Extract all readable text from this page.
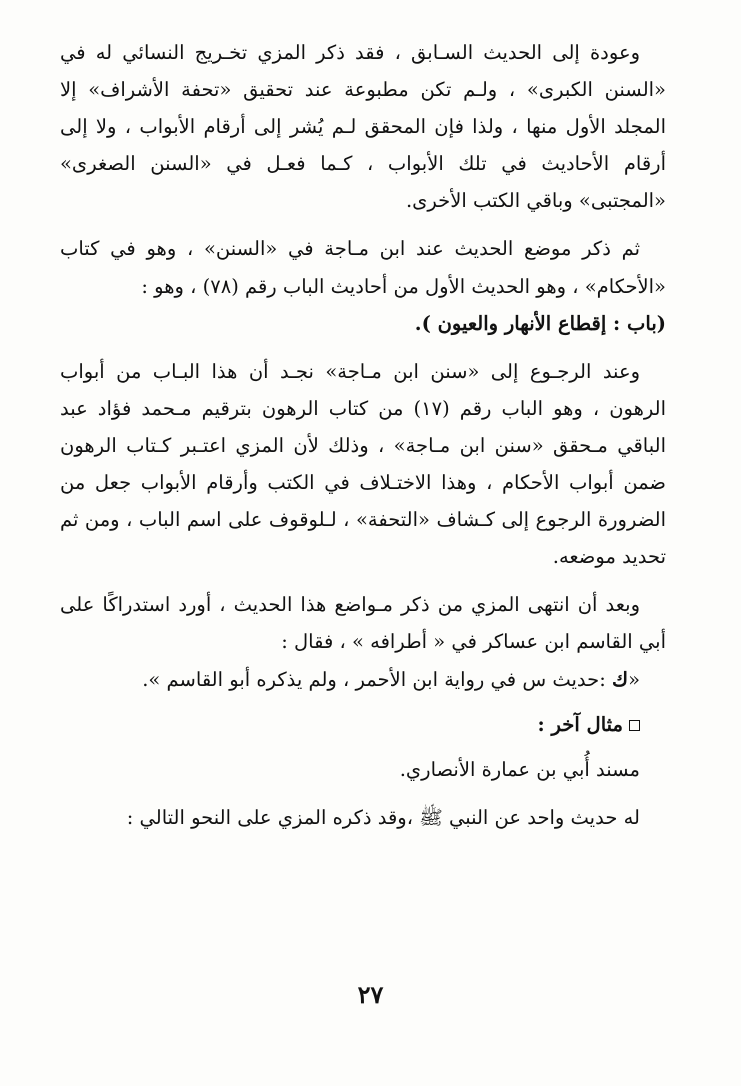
وعودة إلى الحديث السـابق ، فقد ذكر المزي تخـريج النسائي له في «السنن الكبرى» ، ولـم تكن مطبوعة عند تحقيق «تحفة الأشراف» إلا المجلد الأول منها ، ولذا فإن المحقق لـم يُشر إلى أرقام الأبواب ، ولا إلى أرقام الأحاديث في تلك الأبواب ، كـما فعـل في «السنن الصغرى» «المجتبى» وباقي الكتب الأخرى.

ثم ذكر موضع الحديث عند ابن مـاجة في «السنن» ، وهو في كتاب «الأحكام» ، وهو الحديث الأول من أحاديث الباب رقم (٧٨) ، وهو :

(باب : إقطاع الأنهار والعيون ).

وعند الرجـوع إلى «سنن ابن مـاجة» نجـد أن هذا البـاب من أبواب الرهون ، وهو الباب رقم (١٧) من كتاب الرهون بترقيم مـحمد فؤاد عبد الباقي مـحقق «سنن ابن مـاجة» ، وذلك لأن المزي اعتـبر كـتاب الرهون ضمن أبواب الأحكام ، وهذا الاختـلاف في الكتب وأرقام الأبواب جعل من الضرورة الرجوع إلى كـشاف «التحفة» ، لـلوقوف على اسم الباب ، ومن ثم تحديد موضعه.

وبعد أن انتهى المزي من ذكر مـواضع هذا الحديث ، أورد استدراكًا على أبي القاسم ابن عساكر في « أطرافه » ، فقال :

«ك :حديث س في رواية ابن الأحمر ، ولم يذكره أبو القاسم ».

مثال آخر :

مسند أُبي بن عمارة الأنصاري.

له حديث واحد عن النبي ﷺ ،وقد ذكره المزي على النحو التالي :

٢٧
